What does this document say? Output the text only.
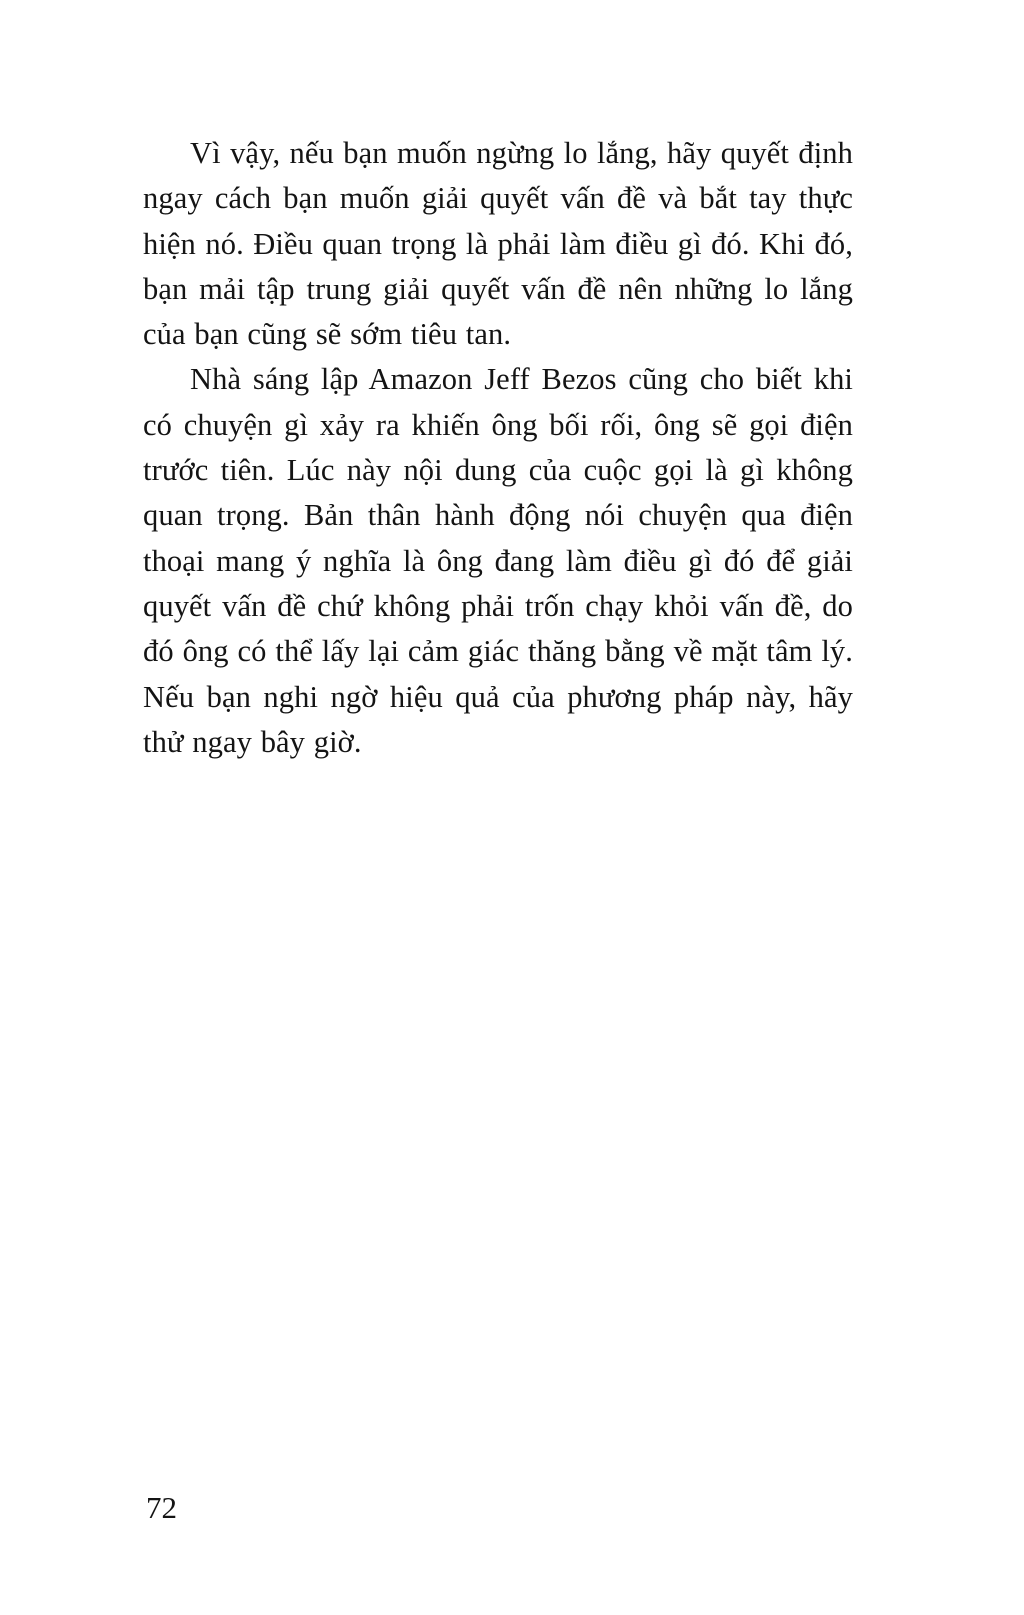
Vì vậy, nếu bạn muốn ngừng lo lắng, hãy quyết định ngay cách bạn muốn giải quyết vấn đề và bắt tay thực hiện nó. Điều quan trọng là phải làm điều gì đó. Khi đó, bạn mải tập trung giải quyết vấn đề nên những lo lắng của bạn cũng sẽ sớm tiêu tan.

Nhà sáng lập Amazon Jeff Bezos cũng cho biết khi có chuyện gì xảy ra khiến ông bối rối, ông sẽ gọi điện trước tiên. Lúc này nội dung của cuộc gọi là gì không quan trọng. Bản thân hành động nói chuyện qua điện thoại mang ý nghĩa là ông đang làm điều gì đó để giải quyết vấn đề chứ không phải trốn chạy khỏi vấn đề, do đó ông có thể lấy lại cảm giác thăng bằng về mặt tâm lý. Nếu bạn nghi ngờ hiệu quả của phương pháp này, hãy thử ngay bây giờ.

72
